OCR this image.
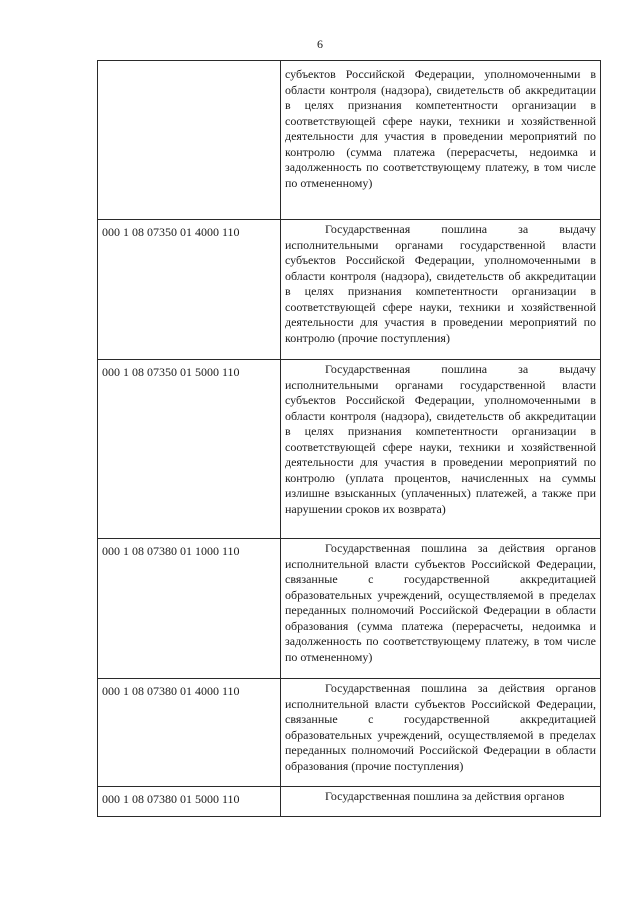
6
	субъектов Российской Федерации, уполномоченными в области контроля (надзора), свидетельств об аккредитации в целях признания компетентности организации в соответствующей сфере науки, техники и хозяйственной деятельности для участия в проведении мероприятий по контролю (сумма платежа (перерасчеты, недоимка и задолженность по соответствующему платежу, в том числе по отмененному)
000 1 08 07350 01 4000 110	Государственная пошлина за выдачу исполнительными органами государственной власти субъектов Российской Федерации, уполномоченными в области контроля (надзора), свидетельств об аккредитации в целях признания компетентности организации в соответствующей сфере науки, техники и хозяйственной деятельности для участия в проведении мероприятий по контролю (прочие поступления)
000 1 08 07350 01 5000 110	Государственная пошлина за выдачу исполнительными органами государственной власти субъектов Российской Федерации, уполномоченными в области контроля (надзора), свидетельств об аккредитации в целях признания компетентности организации в соответствующей сфере науки, техники и хозяйственной деятельности для участия в проведении мероприятий по контролю (уплата процентов, начисленных на суммы излишне взысканных (уплаченных) платежей, а также при нарушении сроков их возврата)
000 1 08 07380 01 1000 110	Государственная пошлина за действия органов исполнительной власти субъектов Российской Федерации, связанные с государственной аккредитацией образовательных учреждений, осуществляемой в пределах переданных полномочий Российской Федерации в области образования (сумма платежа (перерасчеты, недоимка и задолженность по соответствующему платежу, в том числе по отмененному)
000 1 08 07380 01 4000 110	Государственная пошлина за действия органов исполнительной власти субъектов Российской Федерации, связанные с государственной аккредитацией образовательных учреждений, осуществляемой в пределах переданных полномочий Российской Федерации в области образования (прочие поступления)
000 1 08 07380 01 5000 110	Государственная пошлина за действия органов
